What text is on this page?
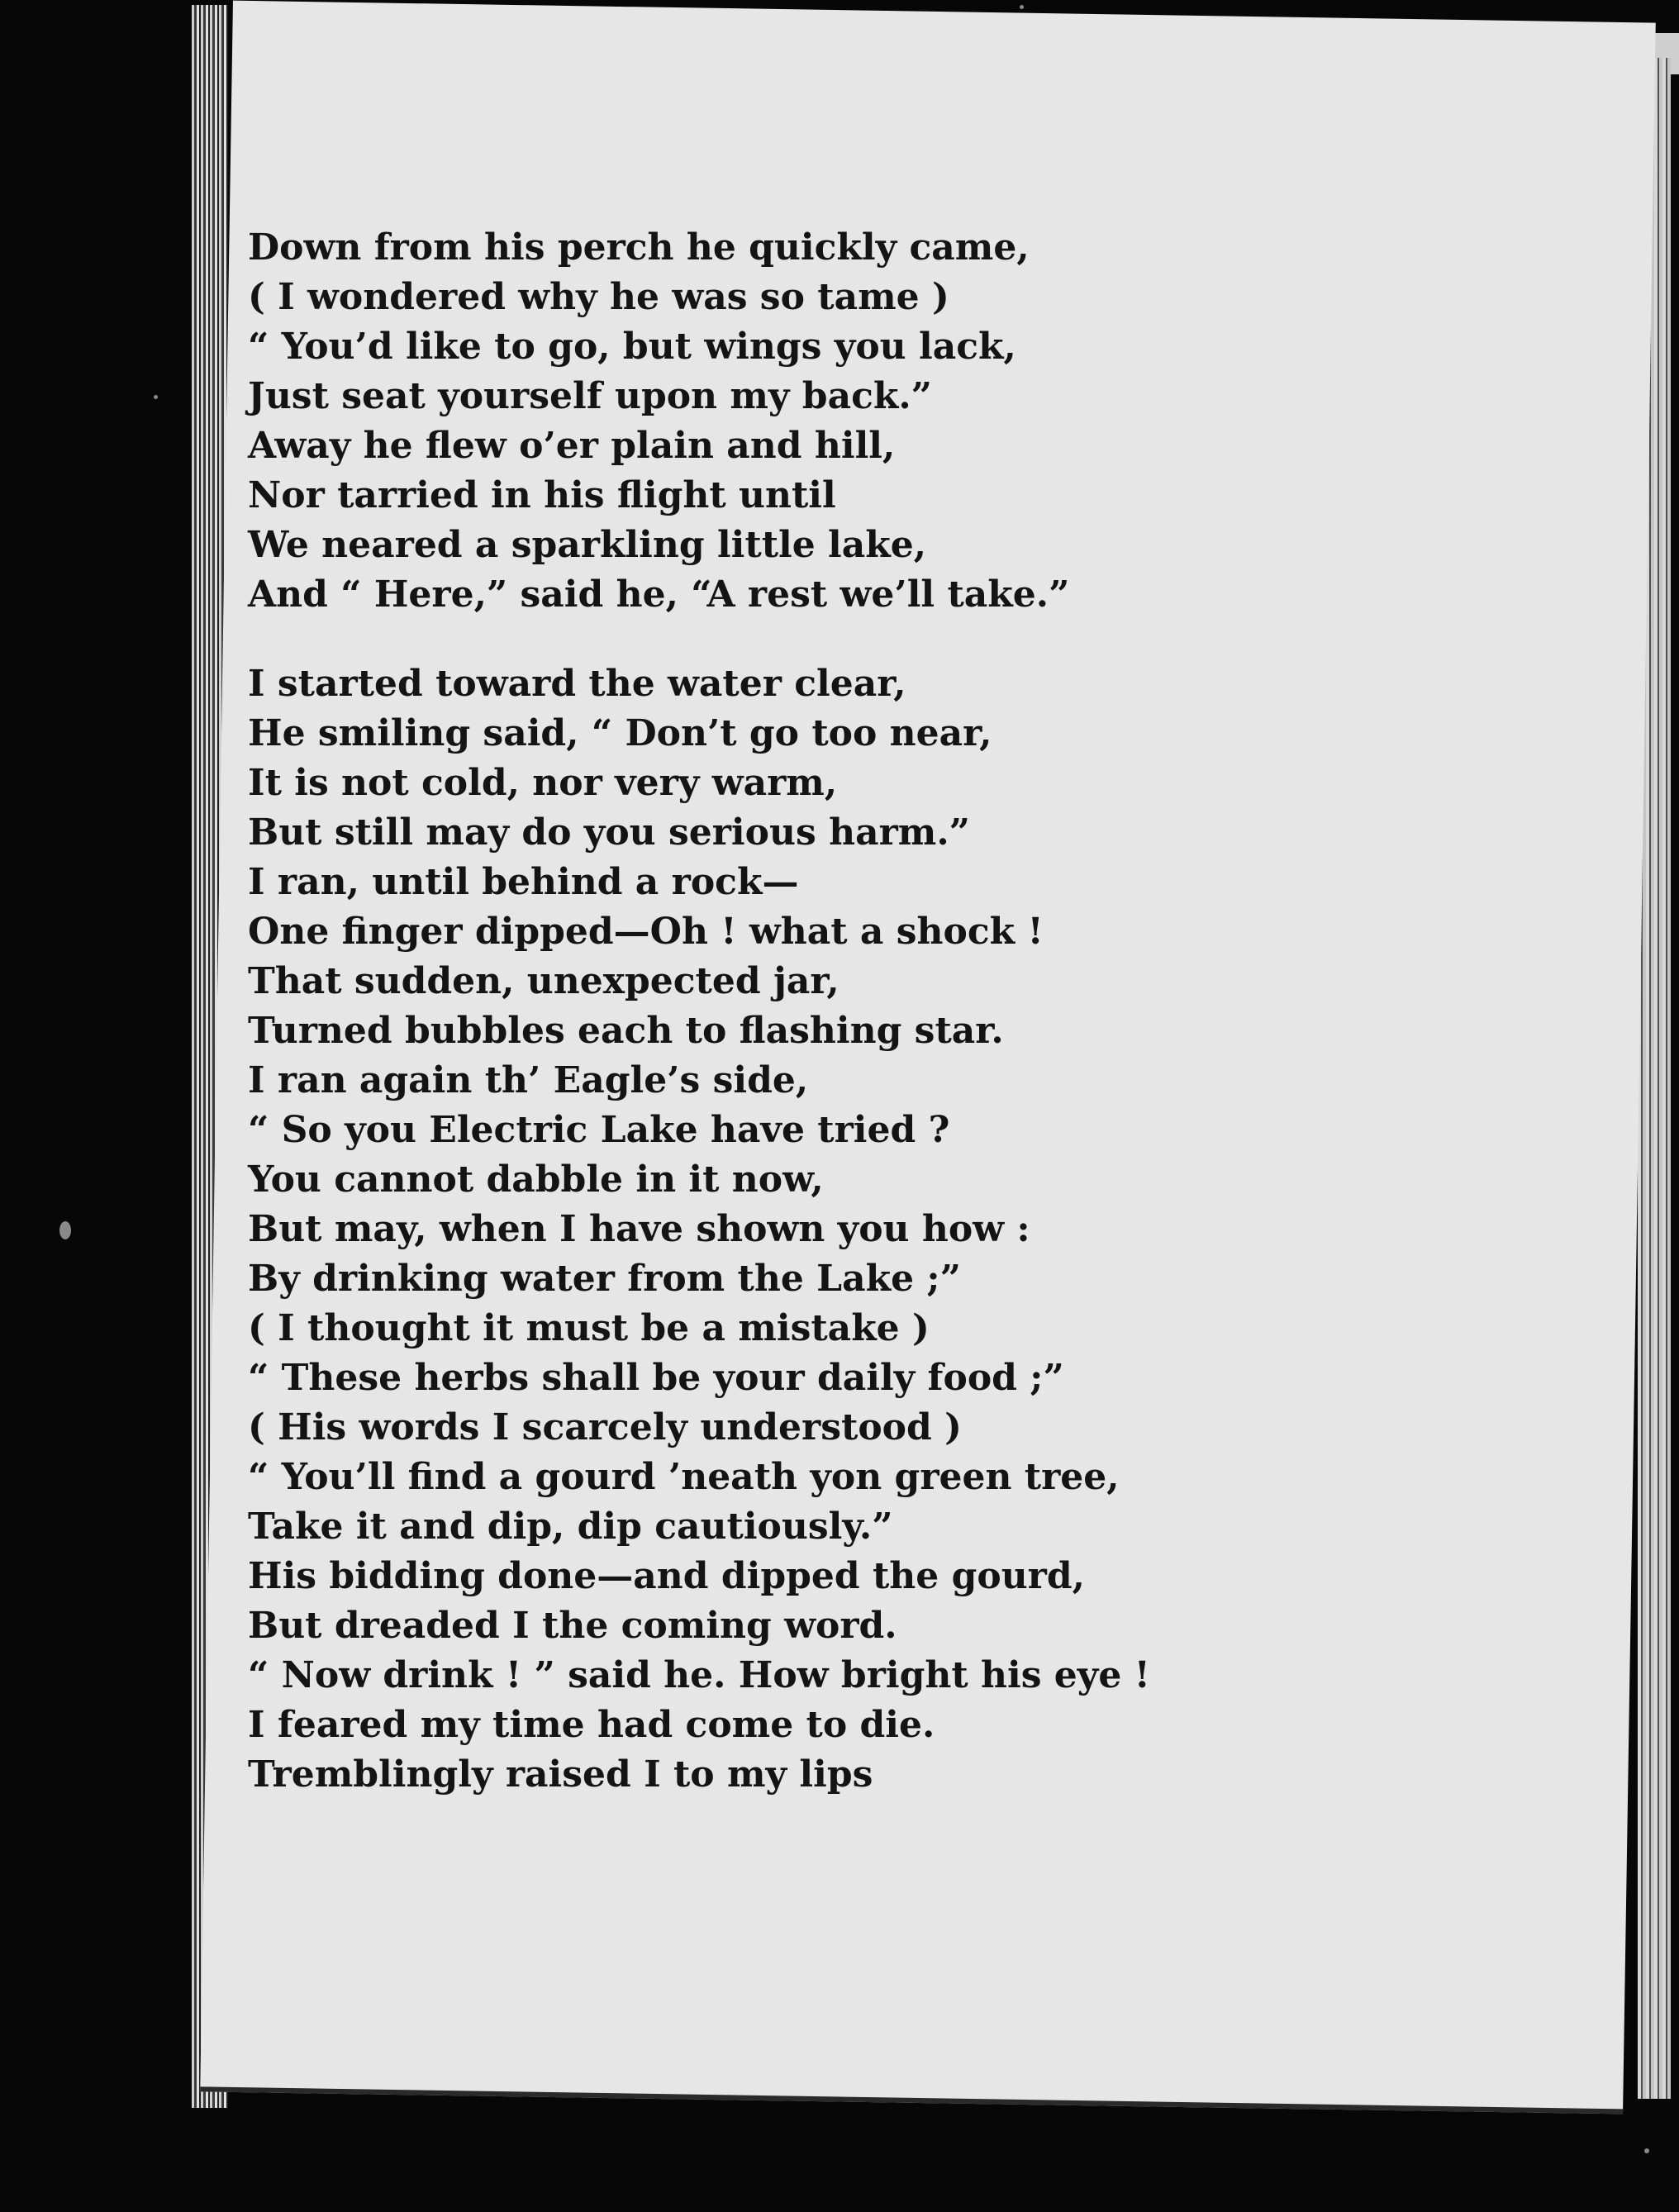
Down from his perch he quickly came,
( I wondered why he was so tame )
“ You’d like to go, but wings you lack,
Just seat yourself upon my back.”
Away he flew o’er plain and hill,
Nor tarried in his flight until
We neared a sparkling little lake,
And “ Here,” said he, “A rest we’ll take.”
I started toward the water clear,
He smiling said, “ Don’t go too near,
It is not cold, nor very warm,
But still may do you serious harm.”
I ran, until behind a rock—
One finger dipped—Oh ! what a shock !
That sudden, unexpected jar,
Turned bubbles each to flashing star.
I ran again th’ Eagle’s side,
“ So you Electric Lake have tried ?
You cannot dabble in it now,
But may, when I have shown you how :
By drinking water from the Lake ;”
( I thought it must be a mistake )
“ These herbs shall be your daily food ;”
( His words I scarcely understood )
“ You’ll find a gourd ’neath yon green tree,
Take it and dip, dip cautiously.”
His bidding done—and dipped the gourd,
But dreaded I the coming word.
“ Now drink ! ” said he. How bright his eye !
I feared my time had come to die.
Tremblingly raised I to my lips
